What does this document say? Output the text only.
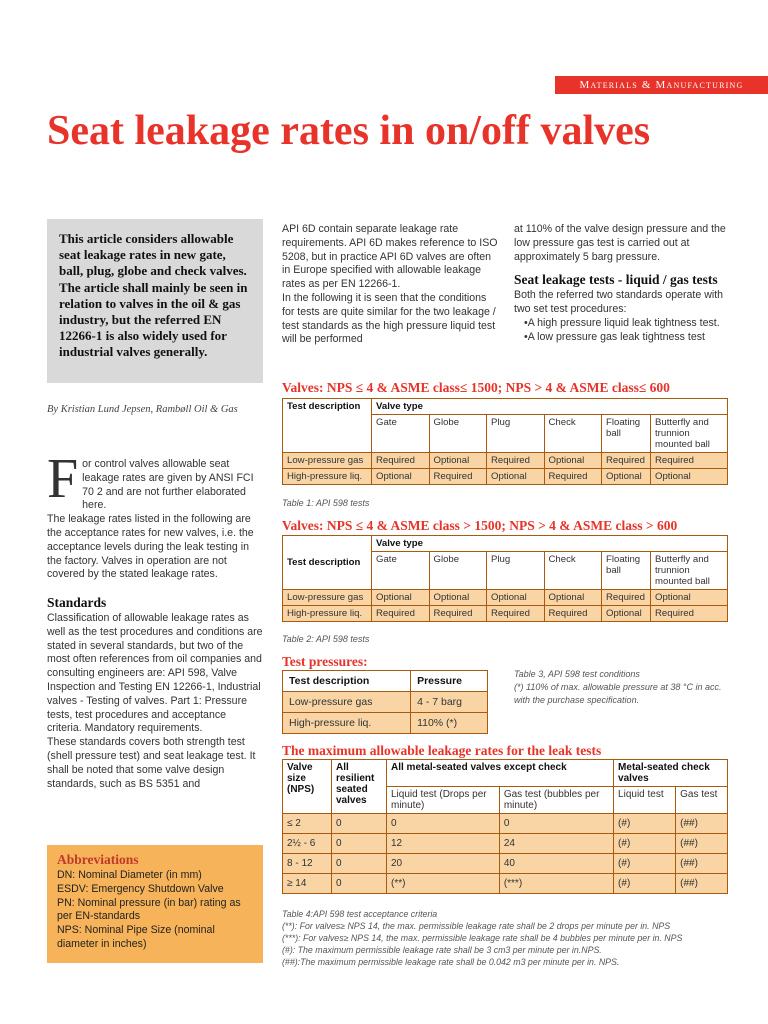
Materials & Manufacturing
Seat leakage rates in on/off valves
This article considers allowable seat leakage rates in new gate, ball, plug, globe and check valves. The article shall mainly be seen in relation to valves in the oil & gas industry, but the referred EN 12266-1 is also widely used for industrial valves generally.
By Kristian Lund Jepsen, Rambøll Oil & Gas
F or control valves allowable seat leakage rates are given by ANSI FCI 70 2 and are not further elaborated here.
The leakage rates listed in the following are the acceptance rates for new valves, i.e. the acceptance levels during the leak testing in the factory. Valves in operation are not covered by the stated leakage rates.
Standards
Classification of allowable leakage rates as well as the test procedures and conditions are stated in several standards, but two of the most often references from oil companies and consulting engineers are: API 598, Valve Inspection and Testing EN 12266-1, Industrial valves - Testing of valves. Part 1: Pressure tests, test procedures and acceptance criteria. Mandatory requirements.
These standards covers both strength test (shell pressure test) and seat leakage test. It shall be noted that some valve design standards, such as BS 5351 and
Abbreviations
DN: Nominal Diameter (in mm)
ESDV: Emergency Shutdown Valve
PN: Nominal pressure (in bar) rating as per EN-standards
NPS: Nominal Pipe Size (nominal diameter in inches)
API 6D contain separate leakage rate requirements. API 6D makes reference to ISO 5208, but in practice API 6D valves are often in Europe specified with allowable leakage rates as per EN 12266-1.
In the following it is seen that the conditions for tests are quite similar for the two leakage / test standards as the high pressure liquid test will be performed
at 110% of the valve design pressure and the low pressure gas test is carried out at approximately 5 barg pressure.
Seat leakage tests - liquid / gas tests
Both the referred two standards operate with two set test procedures:
• A high pressure liquid leak tightness test.
• A low pressure gas leak tightness test
Valves: NPS ≤ 4 & ASME class≤ 1500; NPS > 4 & ASME class≤ 600
Test description	Valve type					
	Gate	Globe	Plug	Check	Floating ball	Butterfly and trunnion mounted ball
Low-pressure gas	Required	Optional	Required	Optional	Required	Required
High-pressure liq.	Optional	Required	Optional	Required	Optional	Optional
Table 1: API 598 tests
Valves: NPS ≤ 4 & ASME class > 1500; NPS > 4 & ASME class > 600
Test description	Valve type					
	Gate	Globe	Plug	Check	Floating ball	Butterfly and trunnion mounted ball
Low-pressure gas	Optional	Optional	Optional	Optional	Required	Optional
High-pressure liq.	Required	Required	Required	Required	Optional	Required
Table 2: API 598 tests
Test pressures:
Test description	Pressure
Low-pressure gas	4 - 7 barg
High-pressure liq.	110% (*)
Table 3, API 598 test conditions
(*) 110% of max. allowable pressure at 38 °C in acc. with the purchase specification.
The maximum allowable leakage rates for the leak tests
Valve size (NPS)	All resilient seated valves	All metal-seated valves except check		Metal-seated check valves	
		Liquid test (Drops per minute)	Gas test (bubbles per minute)	Liquid test	Gas test
≤ 2	0	0	0	(#)	(##)
2½ - 6	0	12	24	(#)	(##)
8 - 12	0	20	40	(#)	(##)
≥ 14	0	(**)	(***)	(#)	(##)
Table 4:API 598 test acceptance criteria
(**): For valves≥ NPS 14, the max. permissible leakage rate shall be 2 drops per minute per in. NPS
(***): For valves≥ NPS 14, the max. permissible leakage rate shall be 4 bubbles per minute per in. NPS
(#): The maximum permissible leakage rate shall be 3 cm3 per minute per in.NPS.
(##):The maximum permissible leakage rate shall be 0.042 m3 per minute per in. NPS.
